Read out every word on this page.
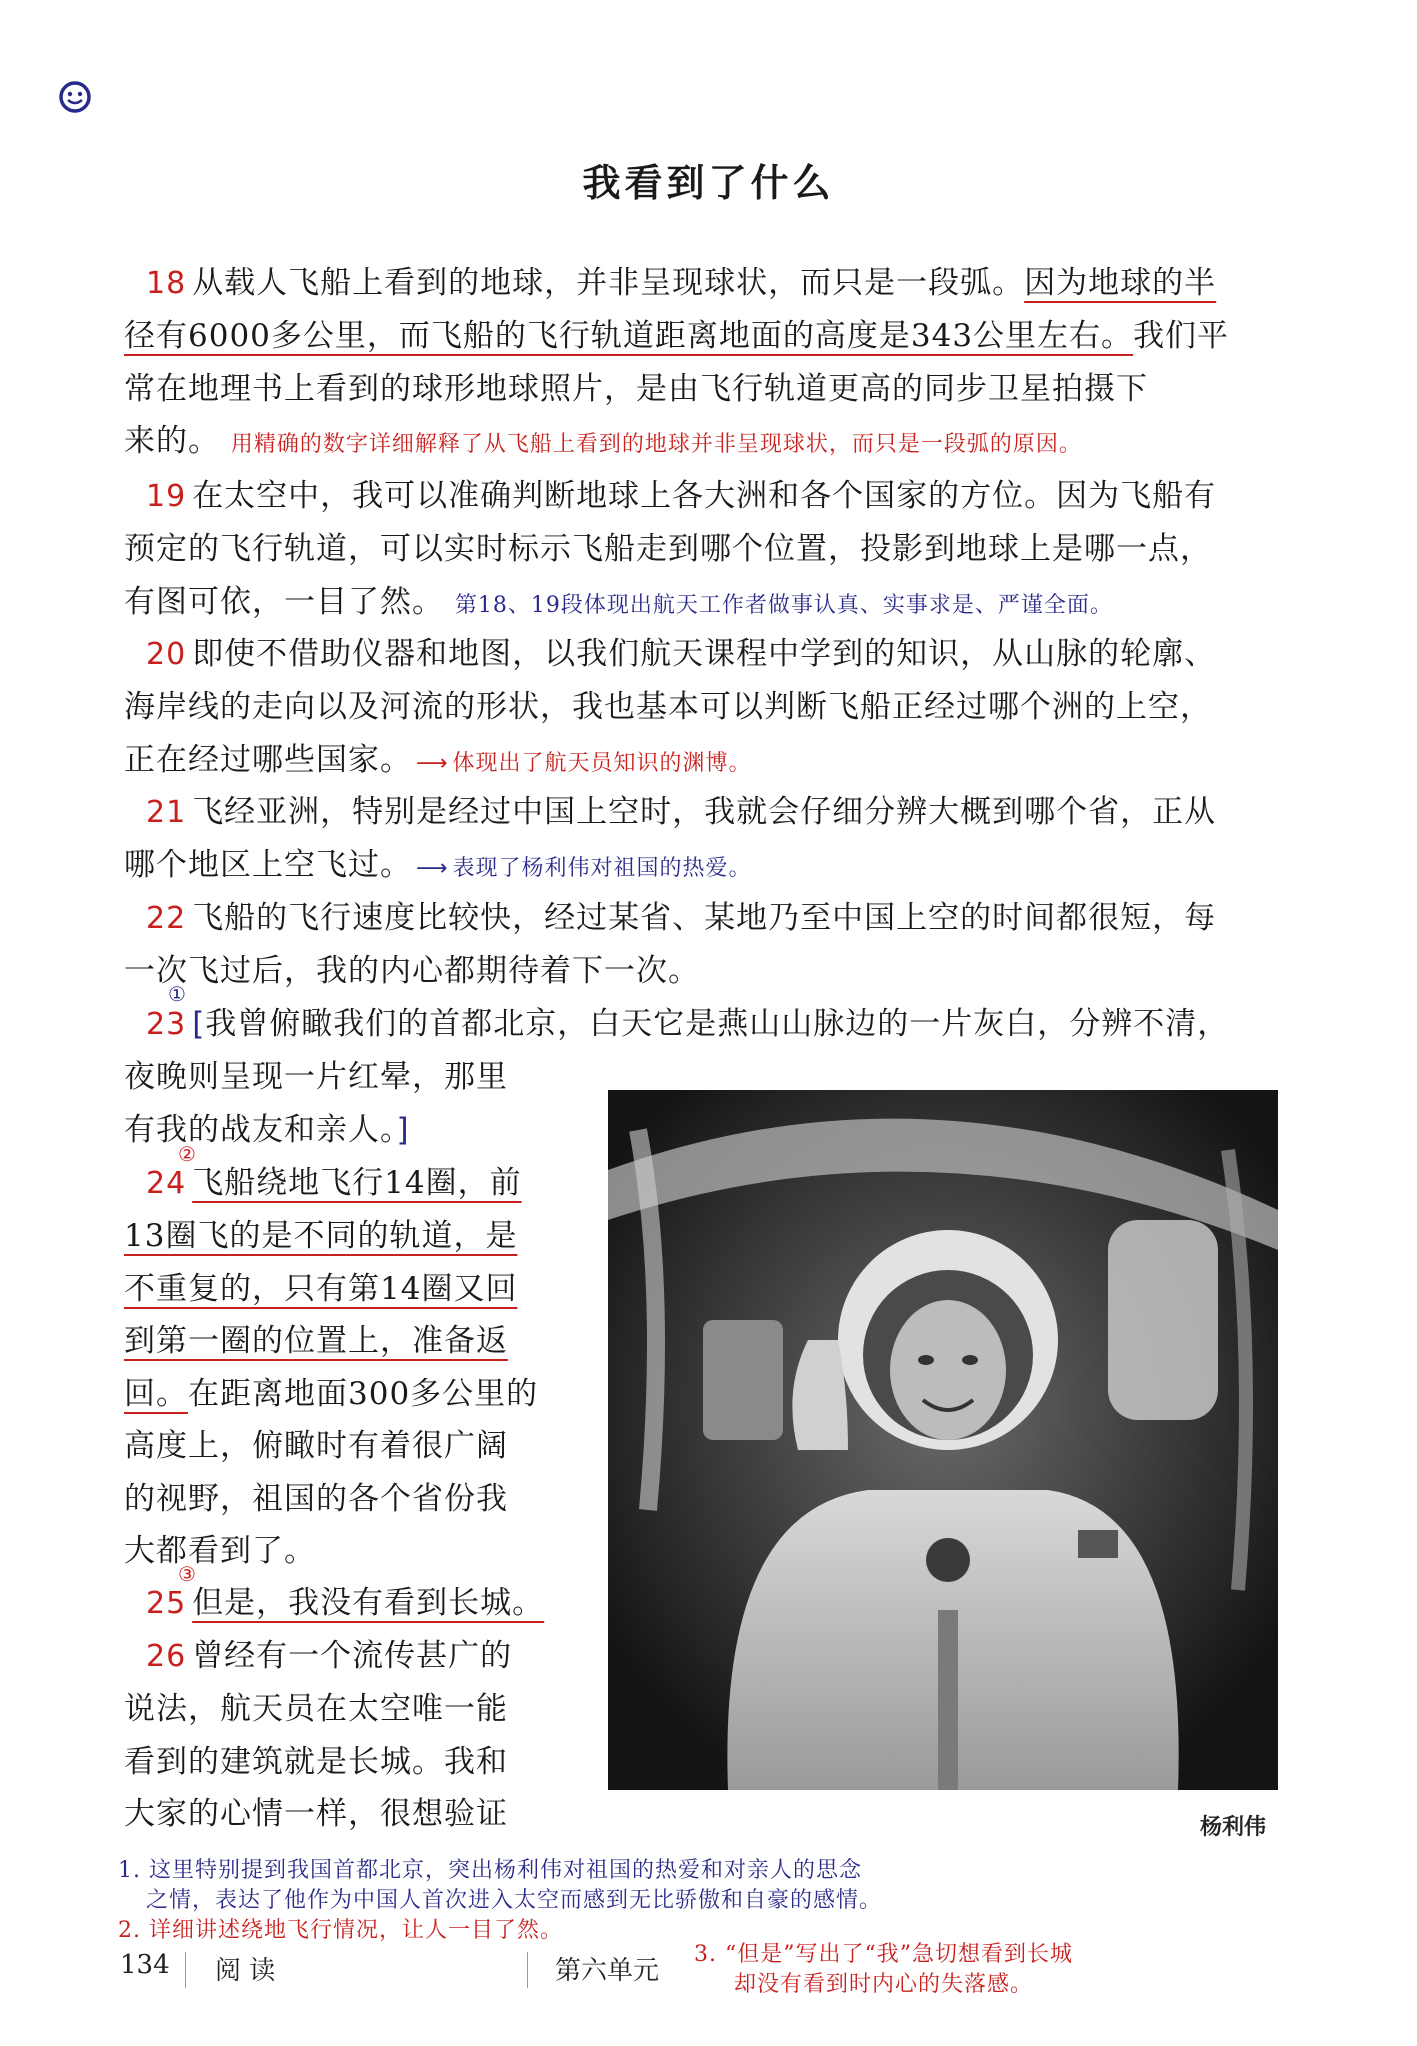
我看到了什么
18 从载人飞船上看到的地球，并非呈现球状，而只是一段弧。因为地球的半
径有6000多公里，而飞船的飞行轨道距离地面的高度是343公里左右。我们平
常在地理书上看到的球形地球照片，是由飞行轨道更高的同步卫星拍摄下
来的。 用精确的数字详细解释了从飞船上看到的地球并非呈现球状，而只是一段弧的原因。
19 在太空中，我可以准确判断地球上各大洲和各个国家的方位。因为飞船有
预定的飞行轨道，可以实时标示飞船走到哪个位置，投影到地球上是哪一点，
有图可依，一目了然。 第18、19段体现出航天工作者做事认真、实事求是、严谨全面。
20 即使不借助仪器和地图，以我们航天课程中学到的知识，从山脉的轮廓、
海岸线的走向以及河流的形状，我也基本可以判断飞船正经过哪个洲的上空，
正在经过哪些国家。 ⟶ 体现出了航天员知识的渊博。
21 飞经亚洲，特别是经过中国上空时，我就会仔细分辨大概到哪个省，正从
哪个地区上空飞过。 ⟶ 表现了杨利伟对祖国的热爱。
22 飞船的飞行速度比较快，经过某省、某地乃至中国上空的时间都很短，每
一次飞过后，我的内心都期待着下一次。
①
23 [我曾俯瞰我们的首都北京，白天它是燕山山脉边的一片灰白，分辨不清，
夜晚则呈现一片红晕，那里
有我的战友和亲人。]
②
24 飞船绕地飞行14圈，前
13圈飞的是不同的轨道，是
不重复的，只有第14圈又回
到第一圈的位置上，准备返
回。在距离地面300多公里的
高度上，俯瞰时有着很广阔
的视野，祖国的各个省份我
大都看到了。
③
25 但是，我没有看到长城。
26 曾经有一个流传甚广的
说法，航天员在太空唯一能
看到的建筑就是长城。我和
大家的心情一样，很想验证	杨利伟
1. 这里特别提到我国首都北京，突出杨利伟对祖国的热爱和对亲人的思念
之情，表达了他作为中国人首次进入太空而感到无比骄傲和自豪的感情。
2. 详细讲述绕地飞行情况，让人一目了然。
3. “但是”写出了“我”急切想看到长城
却没有看到时内心的失落感。
134 阅 读	第六单元
